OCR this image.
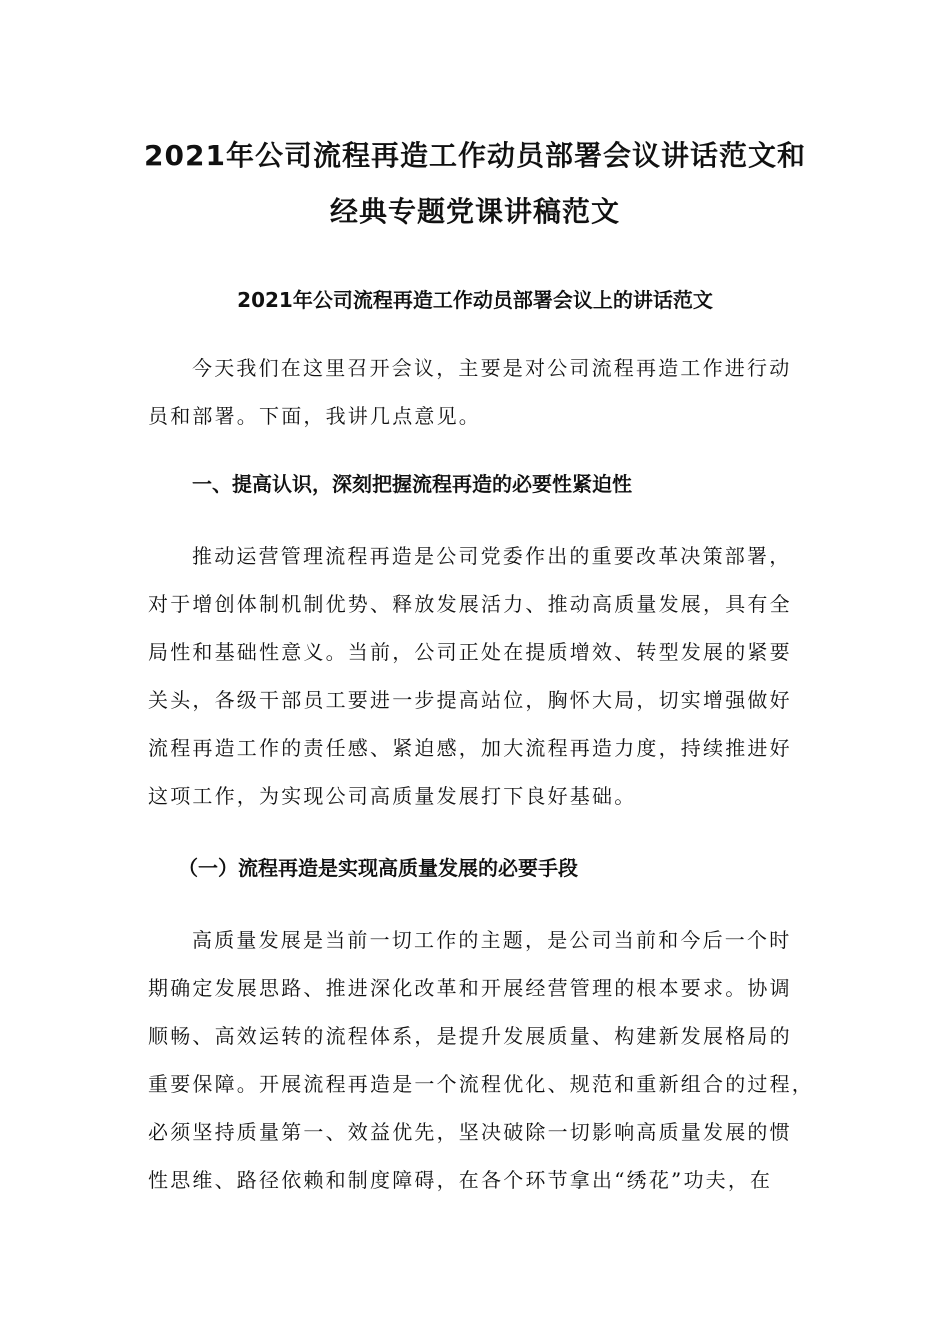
2021年公司流程再造工作动员部署会议讲话范文和
经典专题党课讲稿范文
2021年公司流程再造工作动员部署会议上的讲话范文
今天我们在这里召开会议，主要是对公司流程再造工作进行动
员和部署。下面，我讲几点意见。
一、提高认识，深刻把握流程再造的必要性紧迫性
推动运营管理流程再造是公司党委作出的重要改革决策部署，
对于增创体制机制优势、释放发展活力、推动高质量发展，具有全
局性和基础性意义。当前，公司正处在提质增效、转型发展的紧要
关头，各级干部员工要进一步提高站位，胸怀大局，切实增强做好
流程再造工作的责任感、紧迫感，加大流程再造力度，持续推进好
这项工作，为实现公司高质量发展打下良好基础。
（一）流程再造是实现高质量发展的必要手段
高质量发展是当前一切工作的主题，是公司当前和今后一个时
期确定发展思路、推进深化改革和开展经营管理的根本要求。协调
顺畅、高效运转的流程体系，是提升发展质量、构建新发展格局的
重要保障。开展流程再造是一个流程优化、规范和重新组合的过程，
必须坚持质量第一、效益优先，坚决破除一切影响高质量发展的惯
性思维、路径依赖和制度障碍，在各个环节拿出“绣花”功夫，在
